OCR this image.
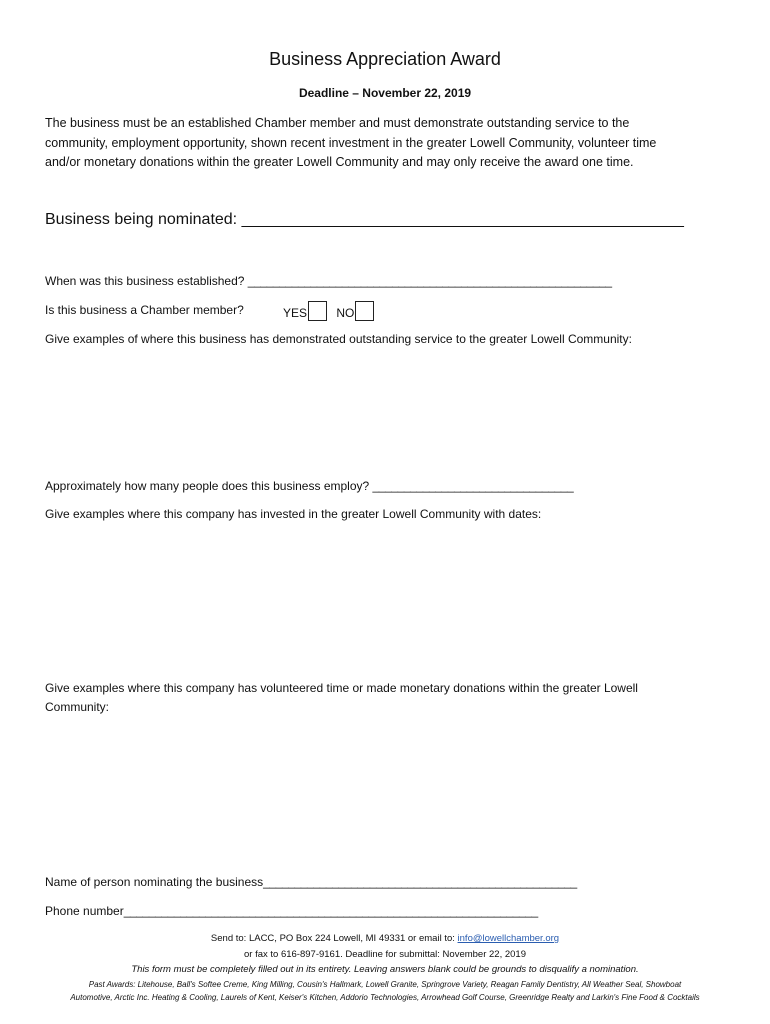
Business Appreciation Award
Deadline – November 22, 2019
The business must be an established Chamber member and must demonstrate outstanding service to the
community, employment opportunity, shown recent investment in the greater Lowell Community, volunteer time
and/or monetary donations within the greater Lowell Community and may only receive the award one time.
Business being nominated: ____________________________________________________
When was this business established? __________________________________________________________
Is this business a Chamber member?	YES NO
Give examples of where this business has demonstrated outstanding service to the greater Lowell Community:
Approximately how many people does this business employ? ________________________________
Give examples where this company has invested in the greater Lowell Community with dates:
Give examples where this company has volunteered time or made monetary donations within the greater Lowell
Community:
Name of person nominating the business__________________________________________________
Phone number__________________________________________________________________
Send to: LACC, PO Box 224 Lowell, MI 49331 or email to: info@lowellchamber.org
or fax to 616-897-9161. Deadline for submittal: November 22, 2019
This form must be completely filled out in its entirety. Leaving answers blank could be grounds to disqualify a nomination.
Past Awards: Litehouse, Ball's Softee Creme, King Milling, Cousin's Hallmark, Lowell Granite, Springrove Variety, Reagan Family Dentistry, All Weather Seal, Showboat
Automotive, Arctic Inc. Heating & Cooling, Laurels of Kent, Keiser's Kitchen, Addorio Technologies, Arrowhead Golf Course, Greenridge Realty and Larkin's Fine Food & Cocktails
